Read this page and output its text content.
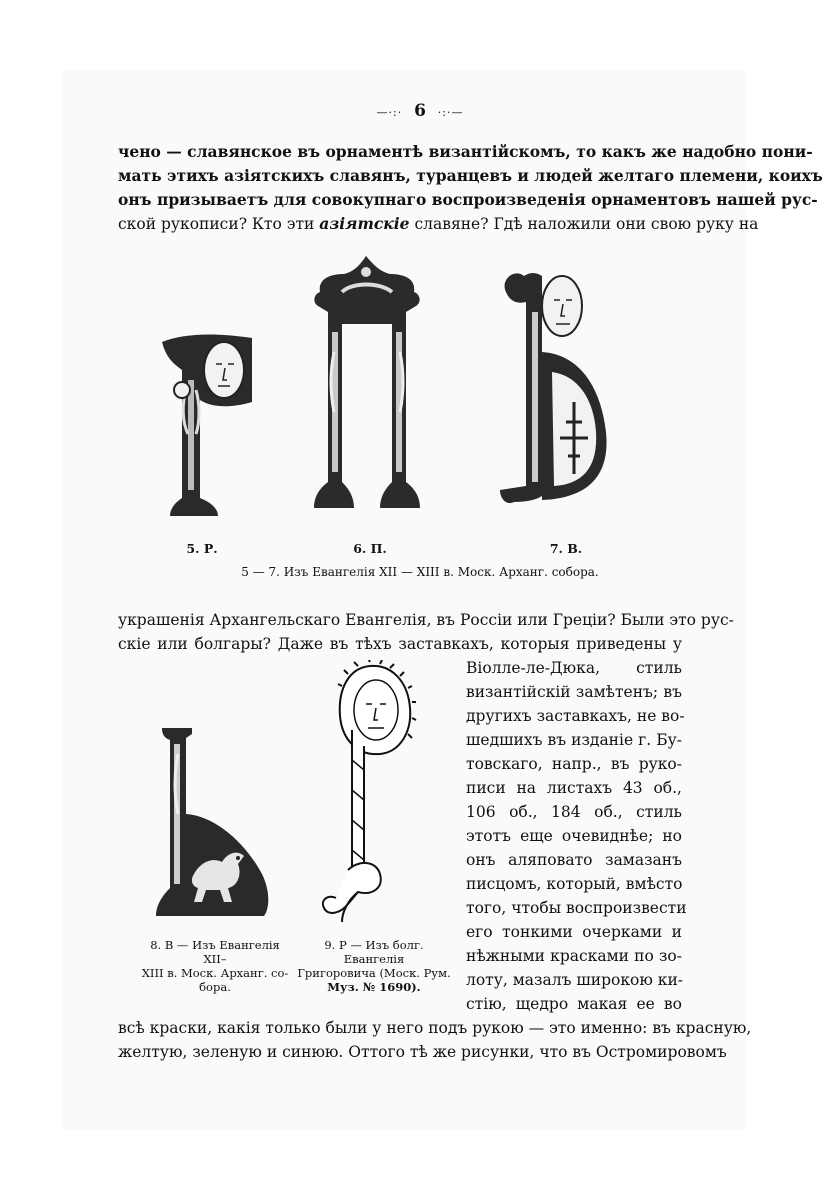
—·:· 6 ·:·—
чено — славянское въ орнаментѣ византійскомъ, то какъ же надобно пони-
мать этихъ азіятскихъ славянъ, туранцевъ и людей желтаго племени, коихъ
онъ призываетъ для совокупнаго воспроизведенія орнаментовъ нашей рус-
ской рукописи? Кто эти азіятскіе славяне? Гдѣ наложили они свою руку на
5. Р.	6. П.	7. В.
5 — 7. Изъ Евангелія XII — XIII в. Моск. Арханг. собора.
украшенія Архангельскаго Евангелія, въ Россіи или Греціи? Были это рус-
скіе или болгары? Даже въ тѣхъ заставкахъ, которыя приведены у
Віолле-ле-Дюка, стиль
византійскій замѣтенъ; въ
другихъ заставкахъ, не во-
шедшихъ въ изданіе г. Бу-
товскаго, напр., въ руко-
писи на листахъ 43 об.,
106 об., 184 об., стиль
этотъ еще очевиднѣе; но
онъ аляповато замазанъ
писцомъ, который, вмѣсто
того, чтобы воспроизвести
его тонкими очерками и
нѣжными красками по зо-
лоту, мазалъ широкою ки-
стію, щедро макая ее во
8. В — Изъ Евангелія XII–
XIII в. Моск. Арханг. со-
бора.
9. Р — Изъ болг. Евангелія
Григоровича (Моск. Рум.
Муз. № 1690).
всѣ краски, какія только были у него подъ рукою — это именно: въ красную,
желтую, зеленую и синюю. Оттого тѣ же рисунки, что въ Остромировомъ
